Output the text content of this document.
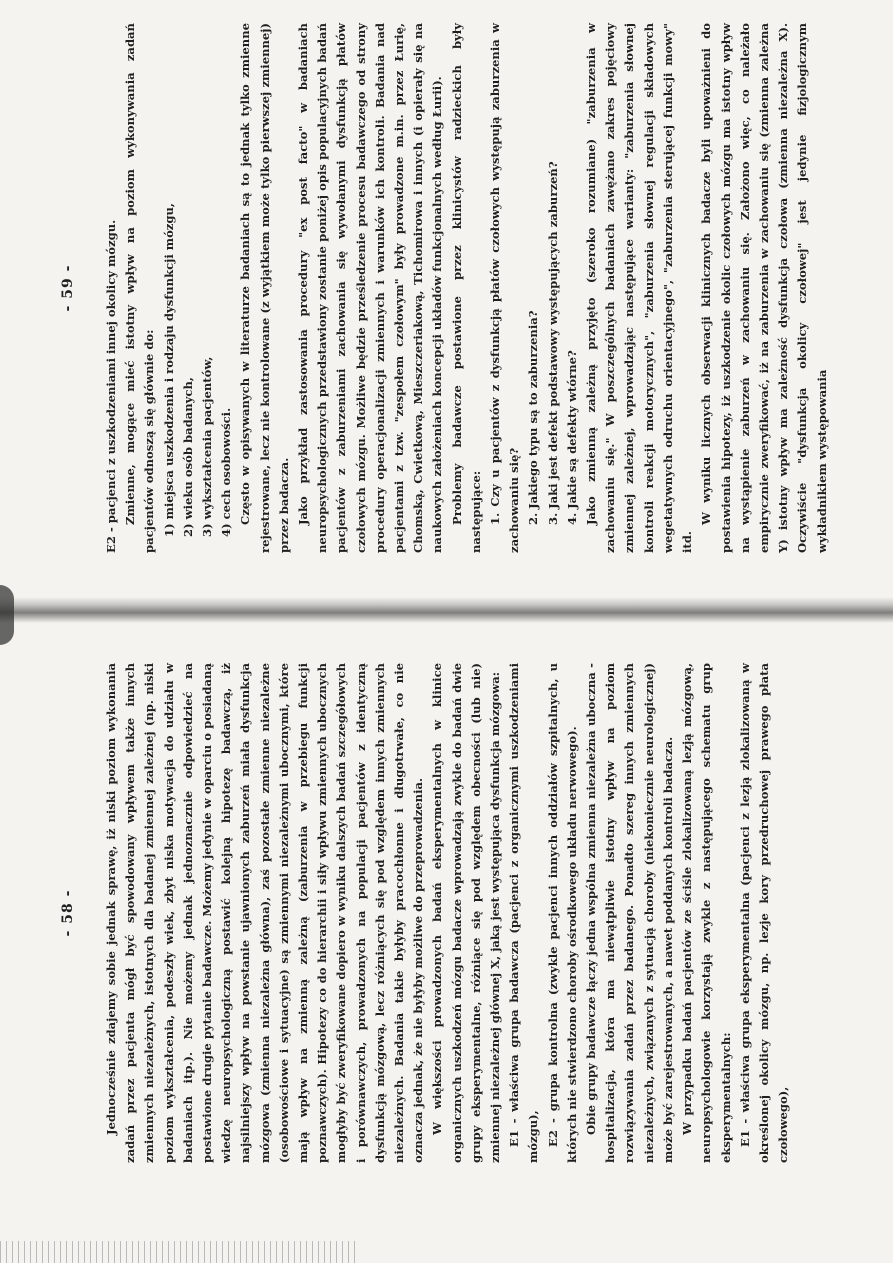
- 58 - Jednocześnie zdajemy sobie jednak sprawę, iż niski poziom wykonania zadań przez pacjenta mógł być spowodowany wpływem także innych zmiennych niezależnych, istotnych dla badanej zmiennej zależnej (np. niski poziom wykształcenia, podeszły wiek, zbyt niska motywacja do udziału w badaniach itp.). Nie możemy jednak jednoznacznie odpowiedzieć na postawione drugie pytanie badawcze. Możemy jedynie w oparciu o posiadaną wiedzę neuropsychologiczną postawić kolejną hipotezę badawczą, iż najsilniejszy wpływ na powstanie ujawnionych zaburzeń miała dysfunkcja mózgowa (zmienna niezależna główna), zaś pozostałe zmienne niezależne (osobowościowe i sytuacyjne) są zmiennymi niezależnymi ubocznymi, które mają wpływ na zmienną zależną (zaburzenia w przebiegu funkcji poznawczych). Hipotezy co do hierarchii i siły wpływu zmiennych ubocznych mogłyby być zweryfikowane dopiero w wyniku dalszych badań szczegółowych i porównawczych, prowadzonych na populacji pacjentów z identyczną dysfunkcją mózgową, lecz różniących się pod względem innych zmiennych niezależnych. Badania takie byłyby pracochłonne i długotrwałe, co nie oznacza jednak, że nie byłyby możliwe do przeprowadzenia. W większości prowadzonych badań eksperymentalnych w klinice organicznych uszkodzeń mózgu badacze wprowadzają zwykle do badań dwie grupy eksperymentalne, różniące się pod względem obecności (lub nie) zmiennej niezależnej głównej X, jaką jest występująca dysfunkcja mózgowa: E1 - właściwa grupa badawcza (pacjenci z organicznymi uszkodzeniami mózgu), E2 - grupa kontrolna (zwykle pacjenci innych oddziałów szpitalnych, u których nie stwierdzono choroby ośrodkowego układu nerwowego). Obie grupy badawcze łączy jedna wspólna zmienna niezależna uboczna - hospitalizacja, która ma niewątpliwie istotny wpływ na poziom rozwiązywania zadań przez badanego. Ponadto szereg innych zmiennych niezależnych, związanych z sytuacją choroby (niekoniecznie neurologicznej) może być zarejestrowanych, a nawet poddanych kontroli badacza. W przypadku badań pacjentów ze ściśle zlokalizowaną lezją mózgową, neuropsychologowie korzystają zwykle z następującego schematu grup eksperymentalnych: E1 - właściwa grupa eksperymentalna (pacjenci z lezją zlokalizowaną w określonej okolicy mózgu, np. lezje kory przedruchowej prawego płata czołowego),

- 59 - E2 - pacjenci z uszkodzeniami innej okolicy mózgu. Zmienne, mogące mieć istotny wpływ na poziom wykonywania zadań pacjentów odnoszą się głównie do: 1) miejsca uszkodzenia i rodzaju dysfunkcji mózgu, 2) wieku osób badanych, 3) wykształcenia pacjentów, 4) cech osobowości. Często w opisywanych w literaturze badaniach są to jednak tylko zmienne rejestrowane, lecz nie kontrolowane (z wyjątkiem może tylko pierwszej zmiennej) przez badacza. Jako przykład zastosowania procedury "ex post facto" w badaniach neuropsychologicznych przedstawiony zostanie poniżej opis populacyjnych badań pacjentów z zaburzeniami zachowania się wywołanymi dysfunkcją płatów czołowych mózgu. Możliwe będzie prześledzenie procesu badawczego od strony procedury operacjonalizacji zmiennych i warunków ich kontroli. Badania nad pacjentami z tzw. "zespołem czołowym" były prowadzone m.in. przez Łurię, Chomską, Cwietkową, Mieszczeriakową, Tichomirowa i innych (i opierały się na naukowych założeniach koncepcji układów funkcjonalnych według Łurii). Problemy badawcze postawione przez klinicystów radzieckich były następujące: 1. Czy u pacjentów z dysfunkcją płatów czołowych występują zaburzenia w zachowaniu się? 2. Jakiego typu są to zaburzenia? 3. Jaki jest defekt podstawowy występujących zaburzeń? 4. Jakie są defekty wtórne? Jako zmienną zależną przyjęto (szeroko rozumiane) "zaburzenia w zachowaniu się." W poszczególnych badaniach zawężano zakres pojęciowy zmiennej zależnej, wprowadzając następujące warianty: "zaburzenia słownej kontroli reakcji motorycznych", "zaburzenia słownej regulacji składowych wegetatywnych odruchu orientacyjnego", "zaburzenia sterującej funkcji mowy" itd.

W wyniku licznych obserwacji klinicznych badacze byli upoważnieni do postawienia hipotezy, iż uszkodzenie okolic czołowych mózgu ma istotny wpływ na wystąpienie zaburzeń w zachowaniu się. Założono więc, co należało empirycznie zweryfikować, iż na zaburzenia w zachowaniu się (zmienna zależna Y) istotny wpływ ma zależność dysfunkcja czołowa (zmienna niezależna X). Oczywiście "dysfunkcja okolicy czołowej" jest jedynie fizjologicznym wykładnikiem występowania
